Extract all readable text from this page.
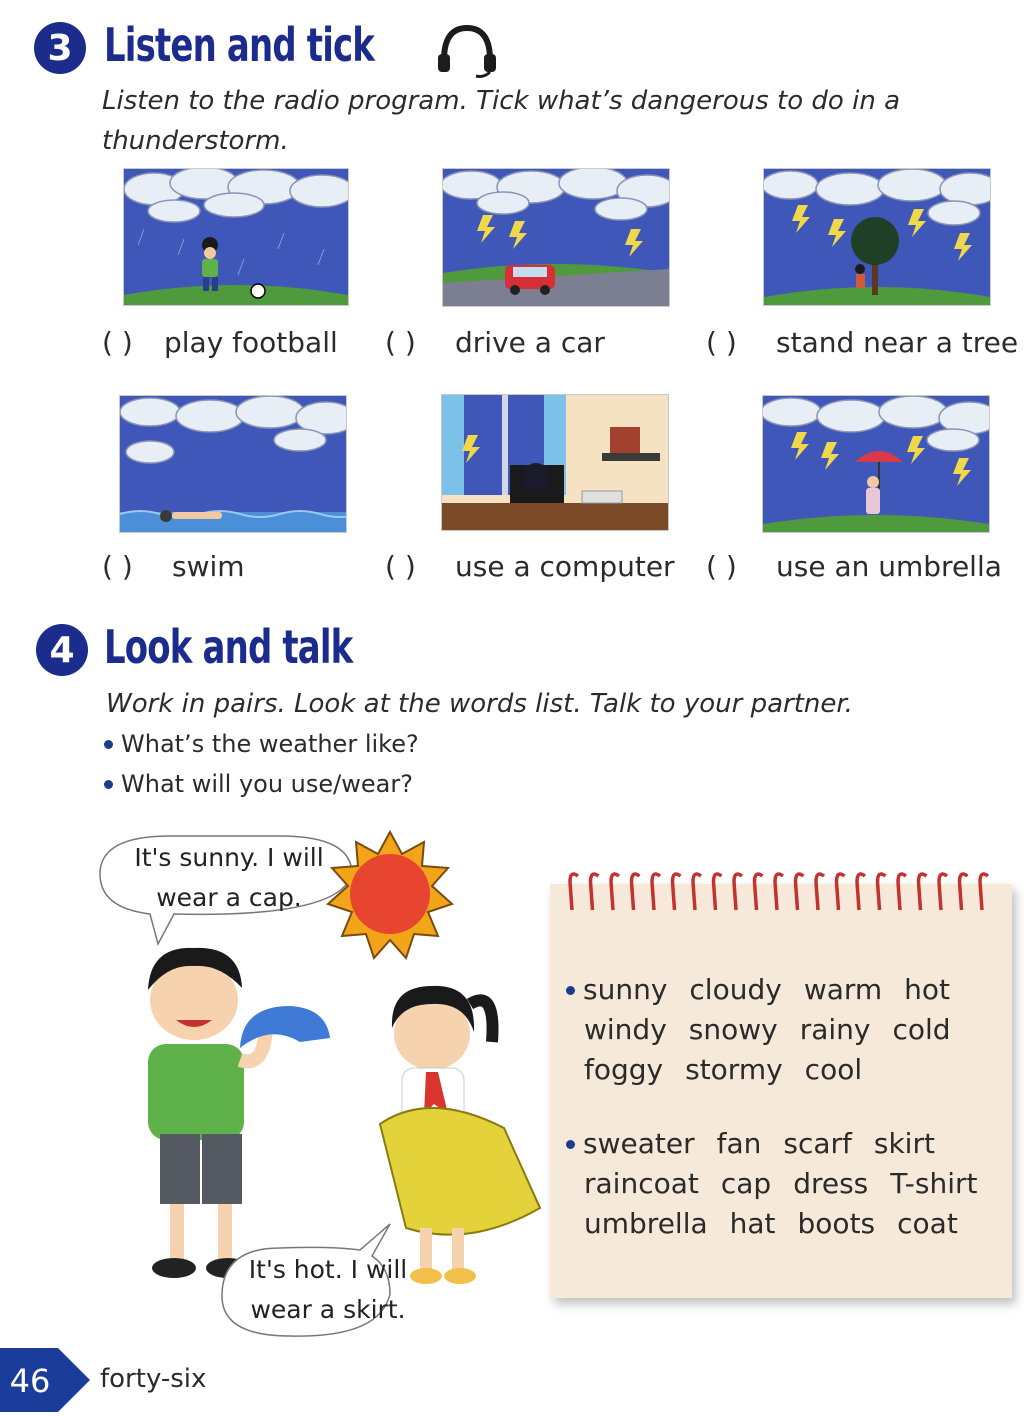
3 Listen and tick
Listen to the radio program. Tick what’s dangerous to do in a
thunderstorm.
( )	play football ( )	drive a car	( )	stand near a tree
( )	swim	( )	use a computer ( )	use an umbrella
4 Look and talk
Work in pairs. Look at the words list. Talk to your partner.
What’s the weather like?
What will you use/wear?
It's sunny. I will
wear a cap.
It's hot. I will
wear a skirt.
sunny cloudy warm hot
windy snowy rainy cold
foggy stormy cool
sweater fan scarf skirt
raincoat cap dress T-shirt
umbrella hat boots coat
46	forty-six
